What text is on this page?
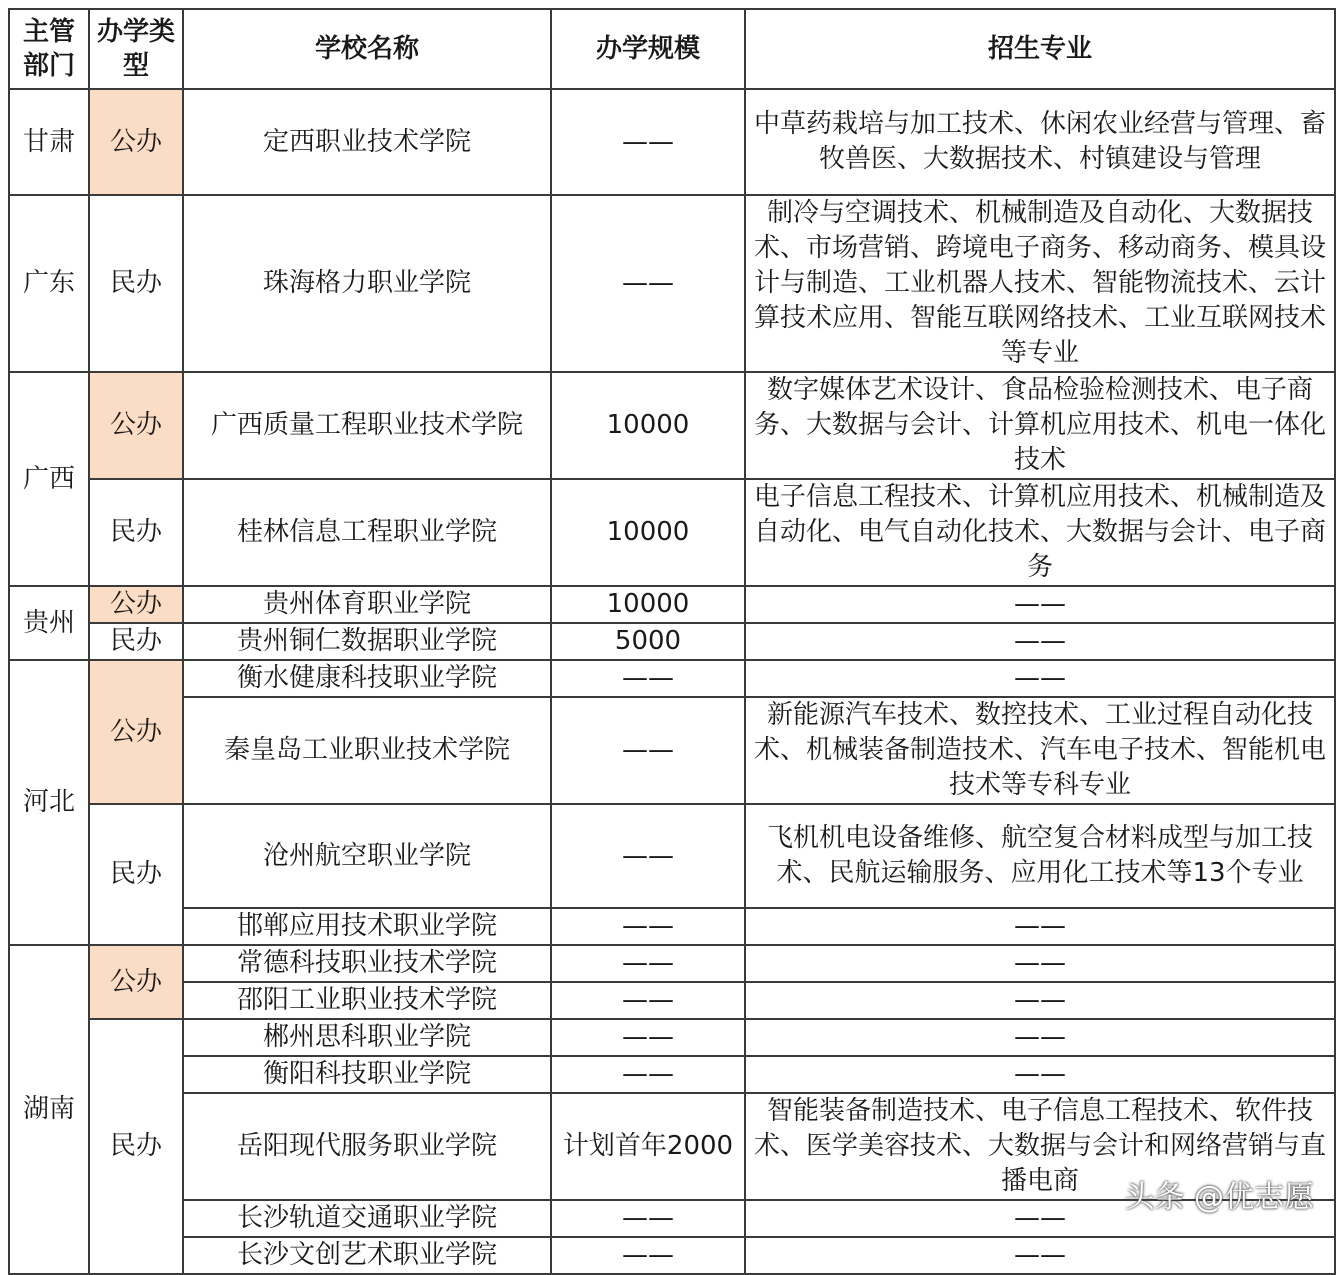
主管部门	办学类型	学校名称	办学规模	招生专业
甘肃	公办	定西职业技术学院	——	中草药栽培与加工技术、休闲农业经营与管理、畜牧兽医、大数据技术、村镇建设与管理
广东	民办	珠海格力职业学院	——	制冷与空调技术、机械制造及自动化、大数据技术、市场营销、跨境电子商务、移动商务、模具设计与制造、工业机器人技术、智能物流技术、云计算技术应用、智能互联网络技术、工业互联网技术等专业
广西	公办	广西质量工程职业技术学院	10000	数字媒体艺术设计、食品检验检测技术、电子商务、大数据与会计、计算机应用技术、机电一体化技术
	民办	桂林信息工程职业学院	10000	电子信息工程技术、计算机应用技术、机械制造及自动化、电气自动化技术、大数据与会计、电子商务
贵州	公办	贵州体育职业学院	10000	——
	民办	贵州铜仁数据职业学院	5000	——
河北	公办	衡水健康科技职业学院	——	——
		秦皇岛工业职业技术学院	——	新能源汽车技术、数控技术、工业过程自动化技术、机械装备制造技术、汽车电子技术、智能机电技术等专科专业
	民办	沧州航空职业学院	——	飞机机电设备维修、航空复合材料成型与加工技术、民航运输服务、应用化工技术等13个专业
		邯郸应用技术职业学院	——	——
湖南	公办	常德科技职业技术学院	——	——
		邵阳工业职业技术学院	——	——
	民办	郴州思科职业学院	——	——
		衡阳科技职业学院	——	——
		岳阳现代服务职业学院	计划首年2000	智能装备制造技术、电子信息工程技术、软件技术、医学美容技术、大数据与会计和网络营销与直播电商
		长沙轨道交通职业学院	——	——
		长沙文创艺术职业学院	——	——
头条 @优志愿
